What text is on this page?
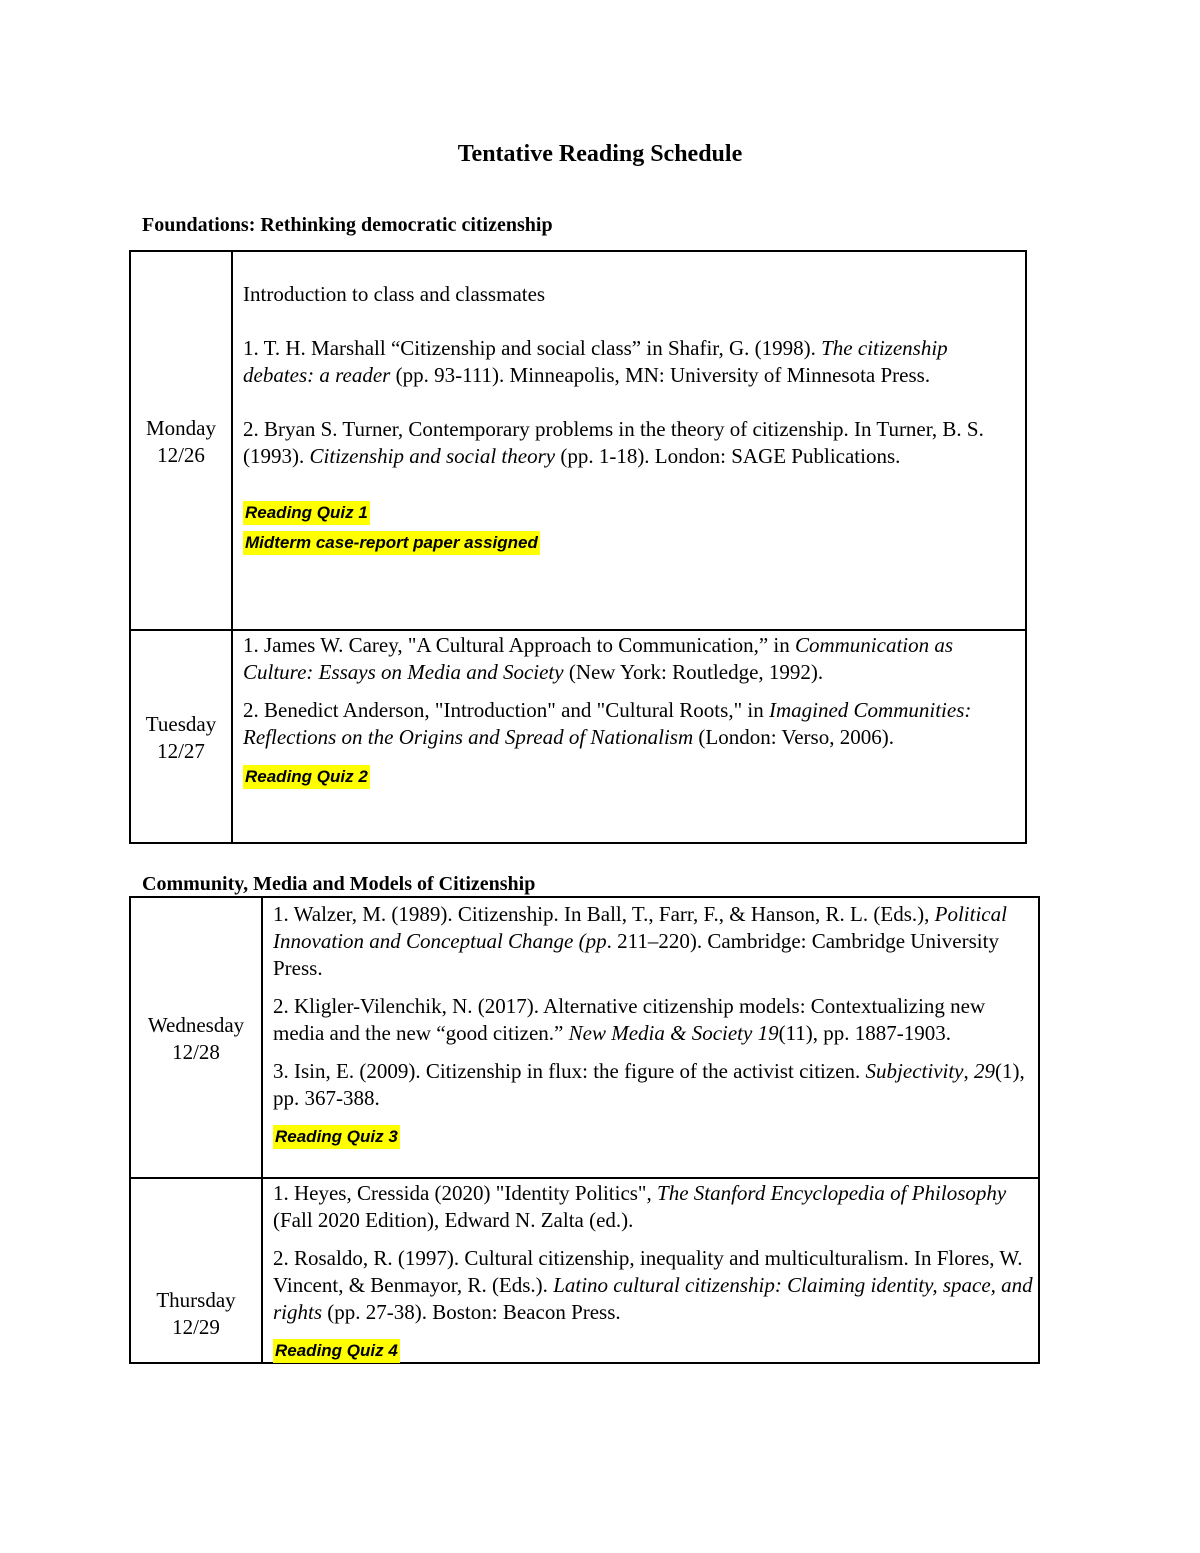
Tentative Reading Schedule
Foundations: Rethinking democratic citizenship
Monday
12/26

Introduction to class and classmates

1. T. H. Marshall “Citizenship and social class” in Shafir, G. (1998). The citizenship debates: a reader (pp. 93-111). Minneapolis, MN: University of Minnesota Press.

2. Bryan S. Turner, Contemporary problems in the theory of citizenship. In Turner, B. S. (1993). Citizenship and social theory (pp. 1-18). London: SAGE Publications.

Reading Quiz 1
Midterm case-report paper assigned
Tuesday
12/27

1. James W. Carey, "A Cultural Approach to Communication,” in Communication as Culture: Essays on Media and Society (New York: Routledge, 1992).

2. Benedict Anderson, "Introduction" and "Cultural Roots," in Imagined Communities: Reflections on the Origins and Spread of Nationalism (London: Verso, 2006).

Reading Quiz 2
Community, Media and Models of Citizenship
Wednesday
12/28

1. Walzer, M. (1989). Citizenship. In Ball, T., Farr, F., & Hanson, R. L. (Eds.), Political Innovation and Conceptual Change (pp. 211–220). Cambridge: Cambridge University Press.

2. Kligler-Vilenchik, N. (2017). Alternative citizenship models: Contextualizing new media and the new “good citizen.” New Media & Society 19(11), pp. 1887-1903.

3. Isin, E. (2009). Citizenship in flux: the figure of the activist citizen. Subjectivity, 29(1), pp. 367-388.

Reading Quiz 3
Thursday
12/29

1. Heyes, Cressida (2020) "Identity Politics", The Stanford Encyclopedia of Philosophy (Fall 2020 Edition), Edward N. Zalta (ed.).

2. Rosaldo, R. (1997). Cultural citizenship, inequality and multiculturalism. In Flores, W. Vincent, & Benmayor, R. (Eds.). Latino cultural citizenship: Claiming identity, space, and rights (pp. 27-38). Boston: Beacon Press.

Reading Quiz 4
